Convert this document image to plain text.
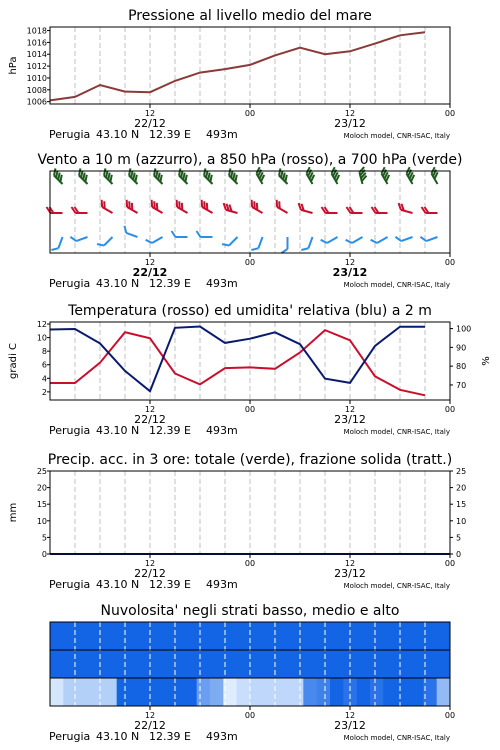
Pressione al livello medio del mare
12	00	12	00
22/12	23/12
Perugia 43.10 N 12.39 E 493m	Moloch model, CNR-ISAC, Italy
1006
1008
1010
1012
1014
1016
1018
hPa
Vento a 10 m (azzurro), a 850 hPa (rosso), a 700 hPa (verde)
12	00	12	00
22/12	23/12
Perugia 43.10 N 12.39 E 493m	Moloch model, CNR-ISAC, Italy
Temperatura (rosso) ed umidita' relativa (blu) a 2 m
12	00	12	00
22/12	23/12
Perugia 43.10 N 12.39 E 493m	Moloch model, CNR-ISAC, Italy
2
4
6
8
10
12
70
80
90
100
gradi C	%
Precip. acc. in 3 ore: totale (verde), frazione solida (tratt.)
12	00	12	00
22/12	23/12
Perugia 43.10 N 12.39 E 493m	Moloch model, CNR-ISAC, Italy
0
5
10
15
20
25
0
5
10
15
20
25
mm
Nuvolosita' negli strati basso, medio e alto
12	00	12	00
22/12	23/12
Perugia 43.10 N 12.39 E 493m	Moloch model, CNR-ISAC, Italy
